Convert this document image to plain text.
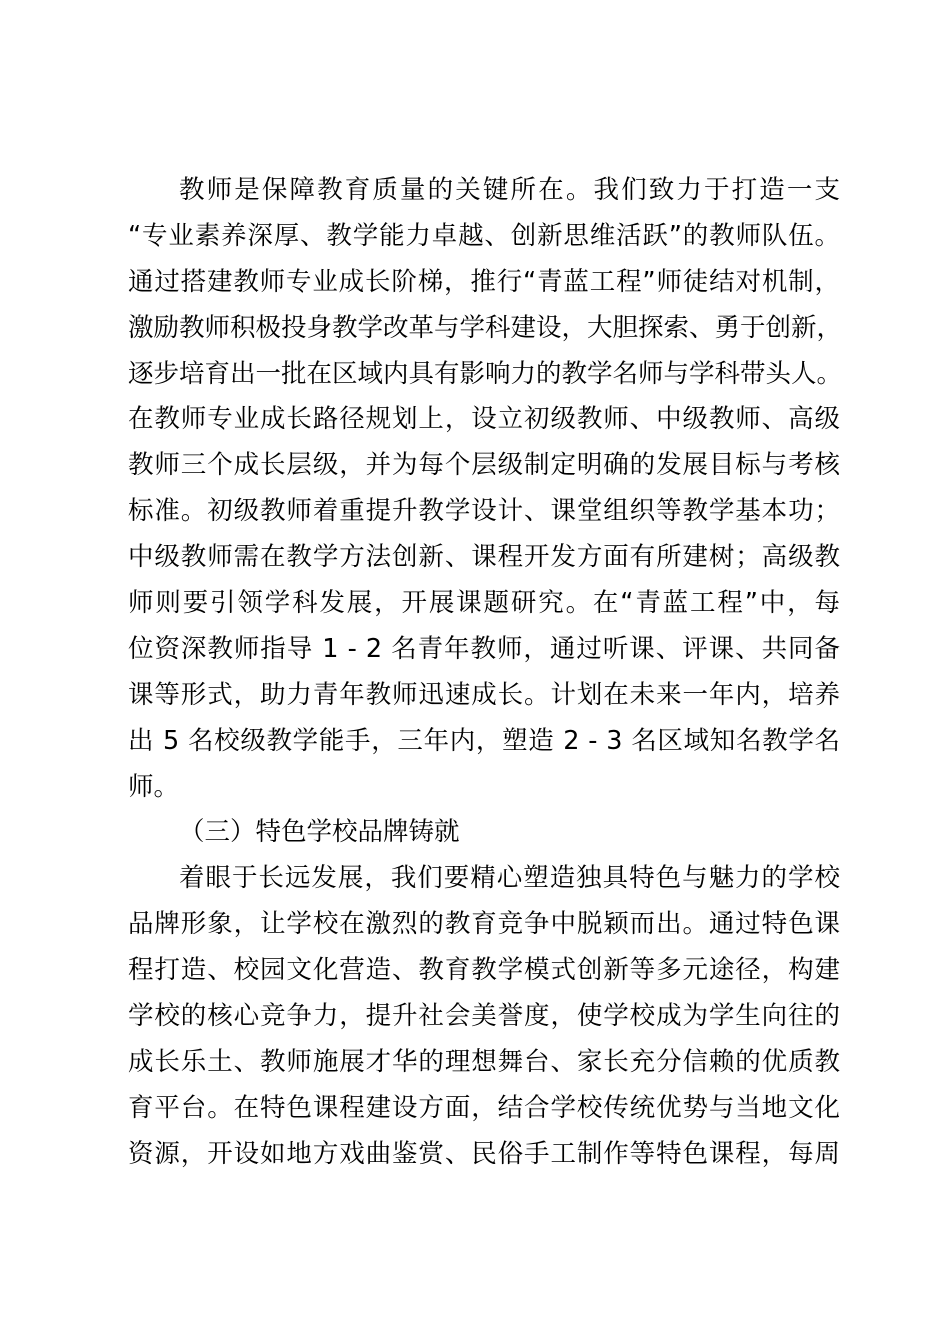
教师是保障教育质量的关键所在。我们致力于打造一支
“专业素养深厚、教学能力卓越、创新思维活跃”的教师队伍。
通过搭建教师专业成长阶梯，推行“青蓝工程”师徒结对机制，
激励教师积极投身教学改革与学科建设，大胆探索、勇于创新，
逐步培育出一批在区域内具有影响力的教学名师与学科带头人。
在教师专业成长路径规划上，设立初级教师、中级教师、高级
教师三个成长层级，并为每个层级制定明确的发展目标与考核
标准。初级教师着重提升教学设计、课堂组织等教学基本功；
中级教师需在教学方法创新、课程开发方面有所建树；高级教
师则要引领学科发展，开展课题研究。在“青蓝工程”中，每
位资深教师指导 1 - 2 名青年教师，通过听课、评课、共同备
课等形式，助力青年教师迅速成长。计划在未来一年内，培养
出 5 名校级教学能手，三年内，塑造 2 - 3 名区域知名教学名
师。
（三）特色学校品牌铸就
着眼于长远发展，我们要精心塑造独具特色与魅力的学校
品牌形象，让学校在激烈的教育竞争中脱颖而出。通过特色课
程打造、校园文化营造、教育教学模式创新等多元途径，构建
学校的核心竞争力，提升社会美誉度，使学校成为学生向往的
成长乐土、教师施展才华的理想舞台、家长充分信赖的优质教
育平台。在特色课程建设方面，结合学校传统优势与当地文化
资源，开设如地方戏曲鉴赏、民俗手工制作等特色课程，每周
